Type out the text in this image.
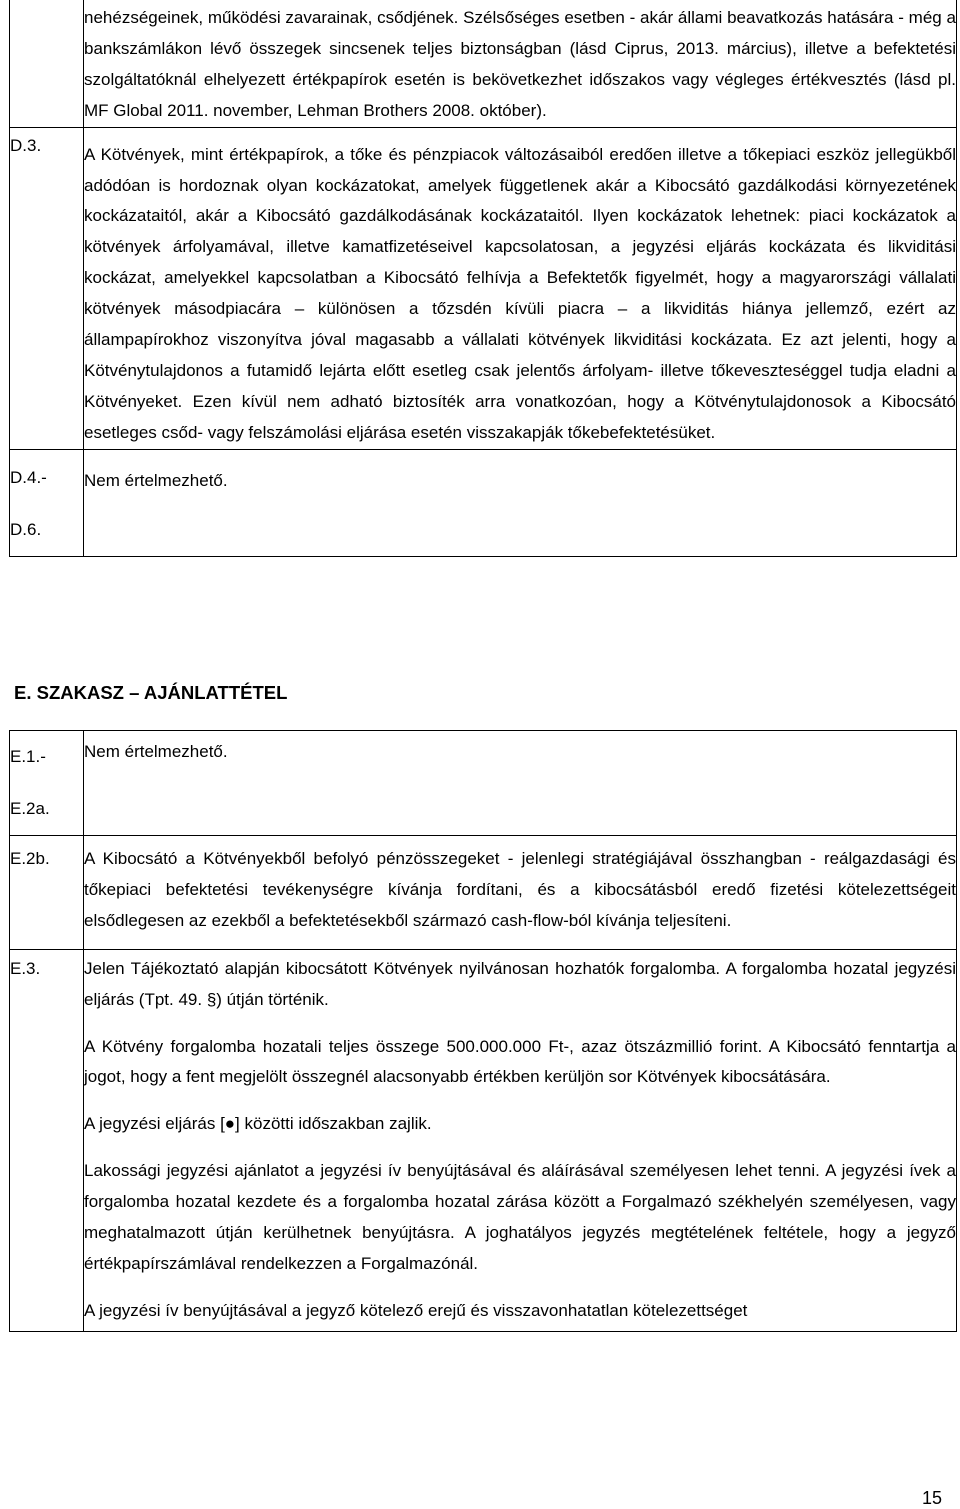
	nehézségeinek, működési zavarainak, csődjének. Szélsőséges esetben - akár állami beavatkozás hatására - még a bankszámlákon lévő összegek sincsenek teljes biztonságban (lásd Ciprus, 2013. március), illetve a befektetési szolgáltatóknál elhelyezett értékpapírok esetén is bekövetkezhet időszakos vagy végleges értékvesztés (lásd pl. MF Global 2011. november, Lehman Brothers 2008. október).

D.3.	A Kötvények, mint értékpapírok, a tőke és pénzpiacok változásaiból eredően illetve a tőkepiaci eszköz jellegükből adódóan is hordoznak olyan kockázatokat, amelyek függetlenek akár a Kibocsátó gazdálkodási környezetének kockázataitól, akár a Kibocsátó gazdálkodásának kockázataitól. Ilyen kockázatok lehetnek: piaci kockázatok a kötvények árfolyamával, illetve kamatfizetéseivel kapcsolatosan, a jegyzési eljárás kockázata és likviditási kockázat, amelyekkel kapcsolatban a Kibocsátó felhívja a Befektetők figyelmét, hogy a magyarországi vállalati kötvények másodpiacára – különösen a tőzsdén kívüli piacra – a likviditás hiánya jellemző, ezért az állampapírokhoz viszonyítva jóval magasabb a vállalati kötvények likviditási kockázata. Ez azt jelenti, hogy a Kötvénytulajdonos a futamidő lejárta előtt esetleg csak jelentős árfolyam- illetve tőkeveszteséggel tudja eladni a Kötvényeket. Ezen kívül nem adható biztosíték arra vonatkozóan, hogy a Kötvénytulajdonosok a Kibocsátó esetleges csőd- vagy felszámolási eljárása esetén visszakapják tőkebefektetésüket.

D.4.-
D.6.	Nem értelmezhető.

E. SZAKASZ – AJÁNLATTÉTEL
E.1.-
E.2a.	Nem értelmezhető.

E.2b.	A Kibocsátó a Kötvényekből befolyó pénzösszegeket - jelenlegi stratégiájával összhangban - reálgazdasági és tőkepiaci befektetési tevékenységre kívánja fordítani, és a kibocsátásból eredő fizetési kötelezettségeit elsődlegesen az ezekből a befektetésekből származó cash-flow-ból kívánja teljesíteni.

E.3.	Jelen Tájékoztató alapján kibocsátott Kötvények nyilvánosan hozhatók forgalomba. A forgalomba hozatal jegyzési eljárás (Tpt. 49. §) útján történik.

A Kötvény forgalomba hozatali teljes összege 500.000.000 Ft-, azaz ötszázmillió forint. A Kibocsátó fenntartja a jogot, hogy a fent megjelölt összegnél alacsonyabb értékben kerüljön sor Kötvények kibocsátására.

A jegyzési eljárás [●] közötti időszakban zajlik.

Lakossági jegyzési ajánlatot a jegyzési ív benyújtásával és aláírásával személyesen lehet tenni. A jegyzési ívek a forgalomba hozatal kezdete és a forgalomba hozatal zárása között a Forgalmazó székhelyén személyesen, vagy meghatalmazott útján kerülhetnek benyújtásra. A joghatályos jegyzés megtételének feltétele, hogy a jegyző értékpapírszámlával rendelkezzen a Forgalmazónál.

A jegyzési ív benyújtásával a jegyző kötelező erejű és visszavonhatatlan kötelezettséget

15
